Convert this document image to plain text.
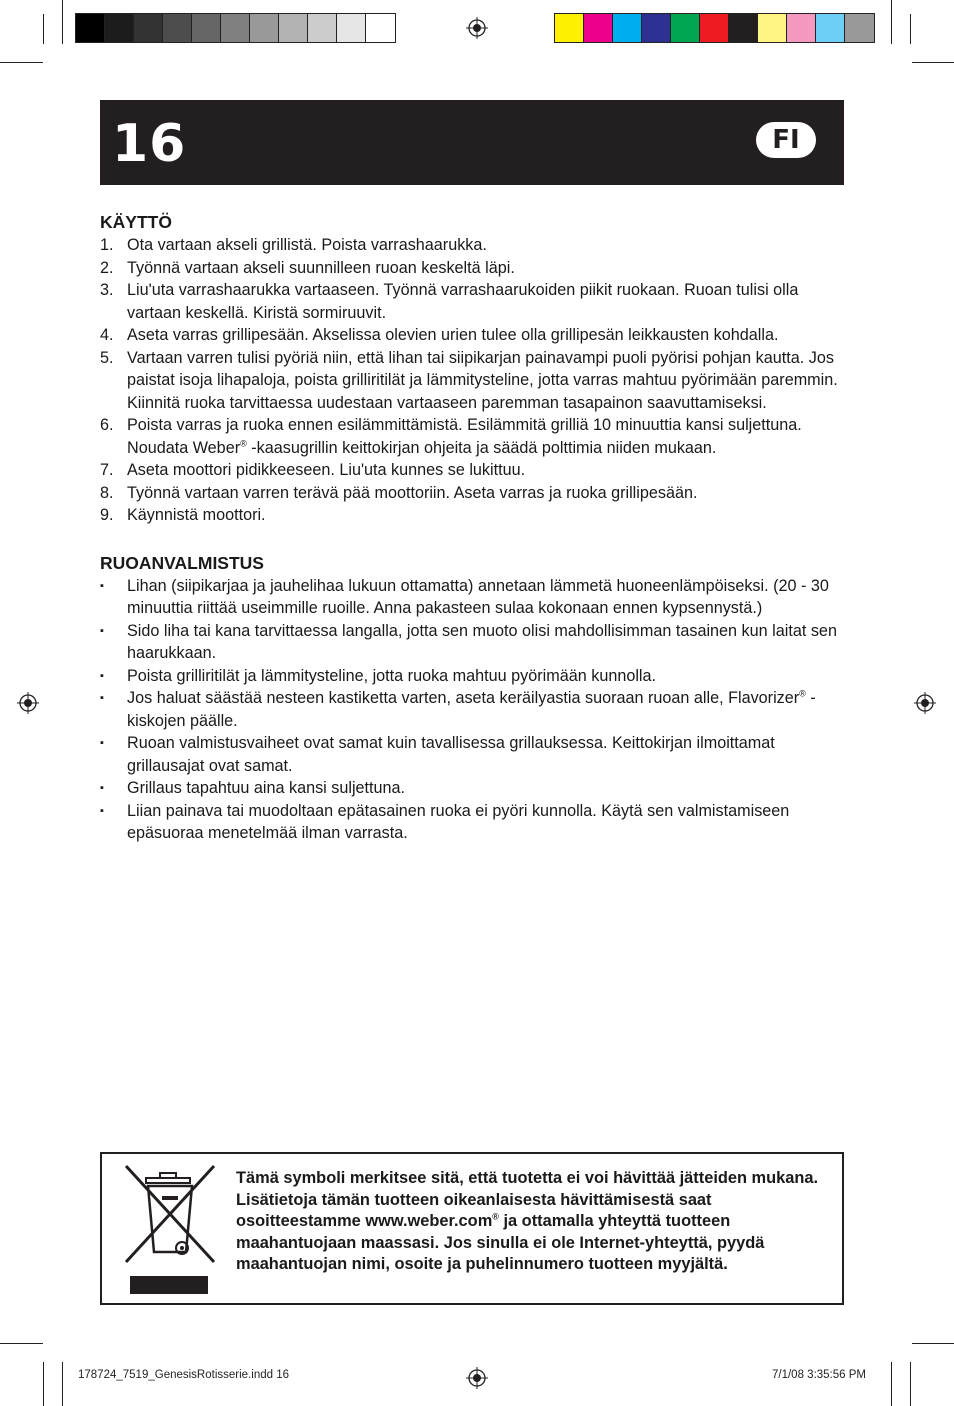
16	FI
KÄYTTÖ
1. Ota vartaan akseli grillistä. Poista varrashaarukka.
2. Työnnä vartaan akseli suunnilleen ruoan keskeltä läpi.
3. Liu'uta varrashaarukka vartaaseen. Työnnä varrashaarukoiden piikit ruokaan. Ruoan tulisi olla vartaan keskellä. Kiristä sormiruuvit.
4. Aseta varras grillipesään. Akselissa olevien urien tulee olla grillipesän leikkausten kohdalla.
5. Vartaan varren tulisi pyöriä niin, että lihan tai siipikarjan painavampi puoli pyörisi pohjan kautta. Jos paistat isoja lihapaloja, poista grilliritilät ja lämmitysteline, jotta varras mahtuu pyörimään paremmin. Kiinnitä ruoka tarvittaessa uudestaan vartaaseen paremman tasapainon saavuttamiseksi.
6. Poista varras ja ruoka ennen esilämmittämistä. Esilämmitä grilliä 10 minuuttia kansi suljettuna. Noudata Weber® -kaasugrillin keittokirjan ohjeita ja säädä polttimia niiden mukaan.
7. Aseta moottori pidikkeeseen. Liu'uta kunnes se lukittuu.
8. Työnnä vartaan varren terävä pää moottoriin. Aseta varras ja ruoka grillipesään.
9. Käynnistä moottori.
RUOANVALMISTUS
▪ Lihan (siipikarjaa ja jauhelihaa lukuun ottamatta) annetaan lämmetä huoneenlämpöiseksi. (20 - 30 minuuttia riittää useimmille ruoille. Anna pakasteen sulaa kokonaan ennen kypsennystä.)
▪ Sido liha tai kana tarvittaessa langalla, jotta sen muoto olisi mahdollisimman tasainen kun laitat sen haarukkaan.
▪ Poista grilliritilät ja lämmitysteline, jotta ruoka mahtuu pyörimään kunnolla.
▪ Jos haluat säästää nesteen kastiketta varten, aseta keräilyastia suoraan ruoan alle, Flavorizer® -kiskojen päälle.
▪ Ruoan valmistusvaiheet ovat samat kuin tavallisessa grillauksessa. Keittokirjan ilmoittamat grillausajat ovat samat.
▪ Grillaus tapahtuu aina kansi suljettuna.
▪ Liian painava tai muodoltaan epätasainen ruoka ei pyöri kunnolla. Käytä sen valmistamiseen epäsuoraa menetelmää ilman varrasta.
Tämä symboli merkitsee sitä, että tuotetta ei voi hävittää jätteiden mukana. Lisätietoja tämän tuotteen oikeanlaisesta hävittämisestä saat osoitteestamme www.weber.com® ja ottamalla yhteyttä tuotteen maahantuojaan maassasi. Jos sinulla ei ole Internet-yhteyttä, pyydä maahantuojan nimi, osoite ja puhelinnumero tuotteen myyjältä.
178724_7519_GenesisRotisserie.indd 16	7/1/08 3:35:56 PM
